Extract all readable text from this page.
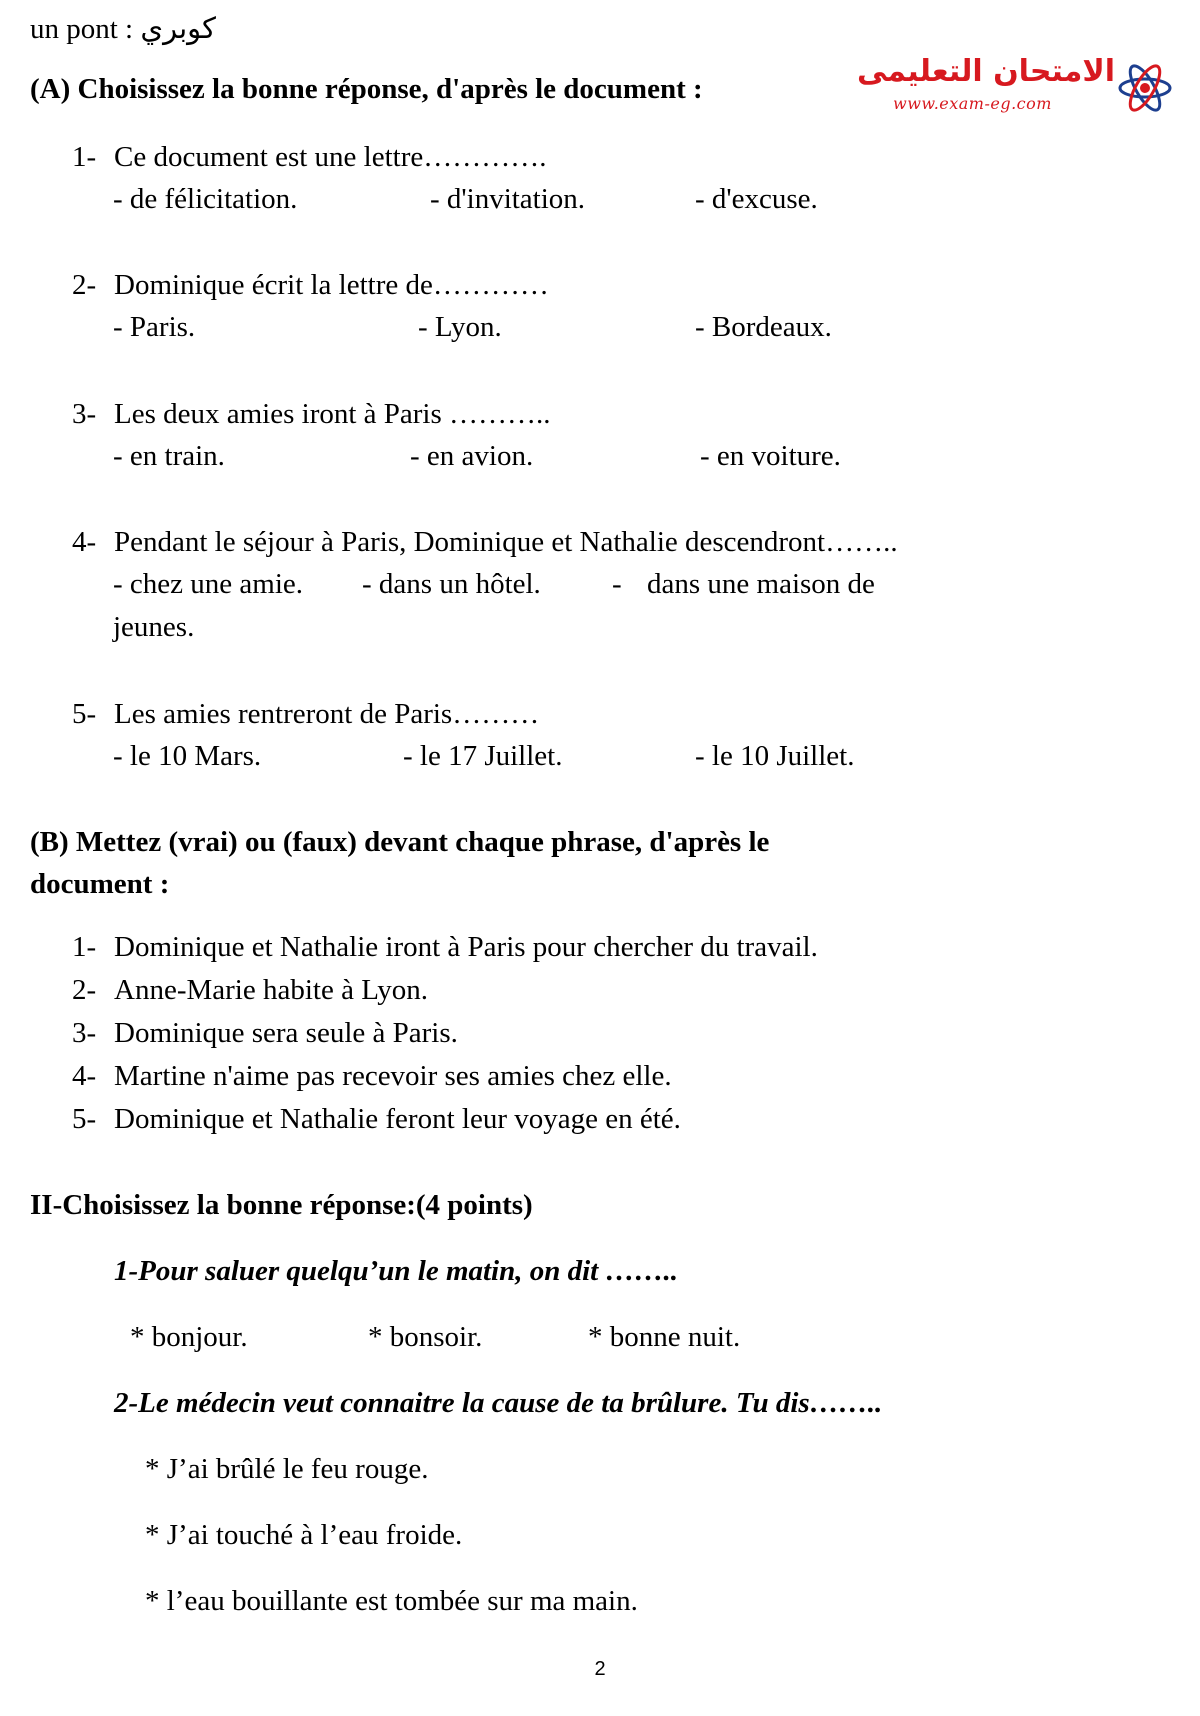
un pont : كوبري
الامتحان التعليمى
www.exam-eg.com
(A) Choisissez la bonne réponse, d'après le document :
1- Ce document est une lettre………….
- de félicitation.	- d'invitation.	- d'excuse.
2- Dominique écrit la lettre de…………
- Paris.	- Lyon.	- Bordeaux.
3- Les deux amies iront à Paris ………..
- en train.	- en avion.	- en voiture.
4- Pendant le séjour à Paris, Dominique et Nathalie descendront……..
- chez une amie. - dans un hôtel. - dans une maison de
jeunes.
5- Les amies rentreront de Paris………
- le 10 Mars.	- le 17 Juillet.	- le 10 Juillet.
(B) Mettez (vrai) ou (faux) devant chaque phrase, d'après le
document :
1- Dominique et Nathalie iront à Paris pour chercher du travail.
2- Anne-Marie habite à Lyon.
3- Dominique sera seule à Paris.
4- Martine n'aime pas recevoir ses amies chez elle.
5- Dominique et Nathalie feront leur voyage en été.
II-Choisissez la bonne réponse:(4 points)
1-Pour saluer quelqu’un le matin, on dit ……..
* bonjour.	* bonsoir.	* bonne nuit.
2-Le médecin veut connaitre la cause de ta brûlure. Tu dis……..
* J’ai brûlé le feu rouge.
* J’ai touché à l’eau froide.
* l’eau bouillante est tombée sur ma main.
2
